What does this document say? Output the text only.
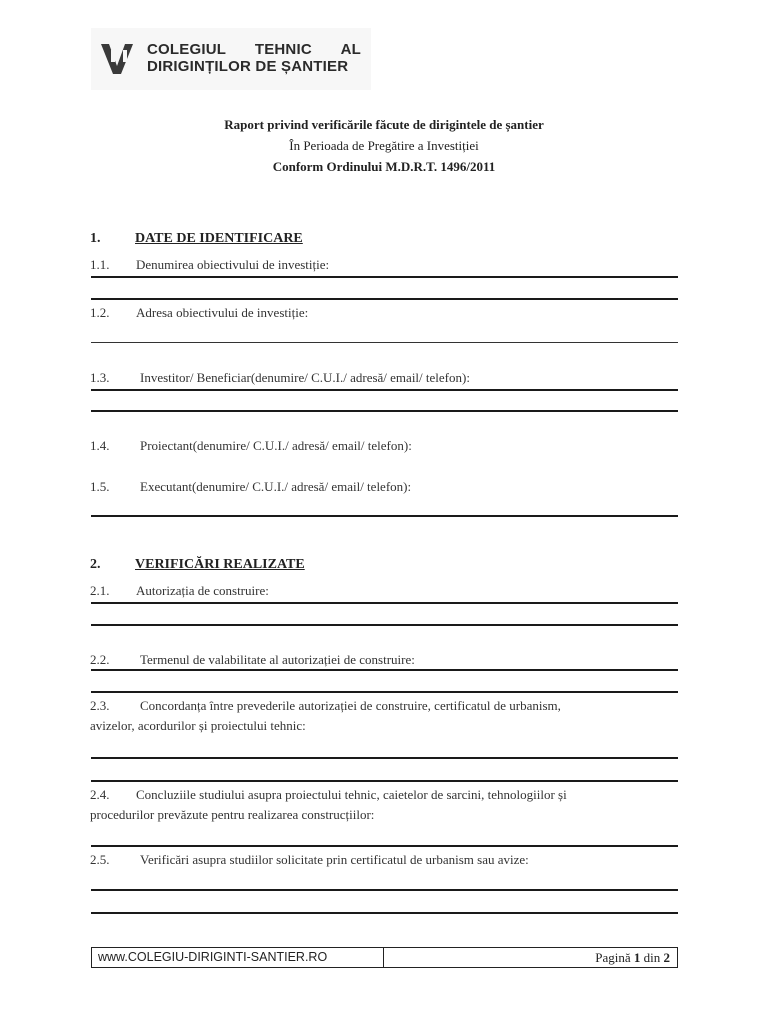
COLEGIUL TEHNIC AL
DIRIGINȚILOR DE ȘANTIER
Raport privind verificările făcute de dirigintele de șantier
În Perioada de Pregătire a Investiției
Conform Ordinului M.D.R.T. 1496/2011
1. DATE DE IDENTIFICARE
1.1. Denumirea obiectivului de investiție:
1.2. Adresa obiectivului de investiție:
1.3. Investitor/ Beneficiar(denumire/ C.U.I./ adresă/ email/ telefon):
1.4. Proiectant(denumire/ C.U.I./ adresă/ email/ telefon):
1.5. Executant(denumire/ C.U.I./ adresă/ email/ telefon):
2. VERIFICĂRI REALIZATE
2.1. Autorizația de construire:
2.2. Termenul de valabilitate al autorizației de construire:
2.3. Concordanța între prevederile autorizației de construire, certificatul de urbanism,
avizelor, acordurilor și proiectului tehnic:
2.4. Concluziile studiului asupra proiectului tehnic, caietelor de sarcini, tehnologiilor și
procedurilor prevăzute pentru realizarea construcțiilor:
2.5. Verificări asupra studiilor solicitate prin certificatul de urbanism sau avize:
www.COLEGIU-DIRIGINTI-SANTIER.RO	Pagină 1 din 2
